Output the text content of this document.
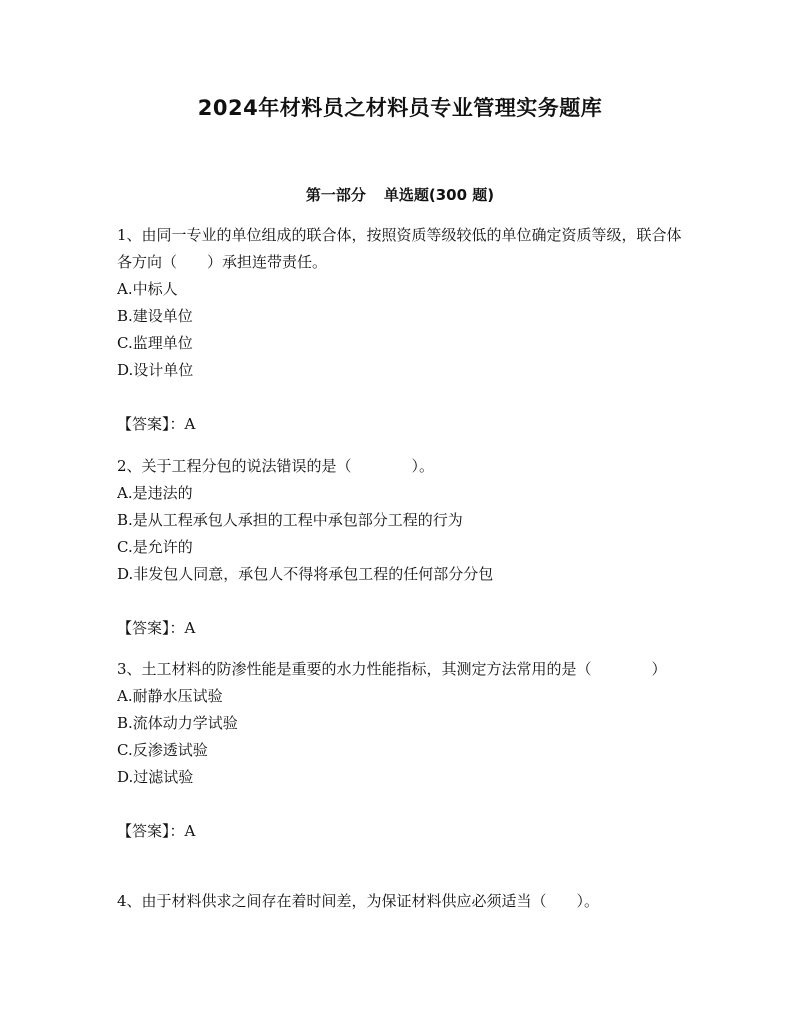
2024年材料员之材料员专业管理实务题库
第一部分 单选题(300 题)
1、由同一专业的单位组成的联合体，按照资质等级较低的单位确定资质等级，联合体各方向（　　）承担连带责任。
A.中标人
B.建设单位
C.监理单位
D.设计单位
【答案】：A
2、关于工程分包的说法错误的是（　　　　）。
A.是违法的
B.是从工程承包人承担的工程中承包部分工程的行为
C.是允许的
D.非发包人同意，承包人不得将承包工程的任何部分分包
【答案】：A
3、土工材料的防渗性能是重要的水力性能指标，其测定方法常用的是（　　　　）
A.耐静水压试验
B.流体动力学试验
C.反渗透试验
D.过滤试验
【答案】：A
4、由于材料供求之间存在着时间差，为保证材料供应必须适当（　　）。
